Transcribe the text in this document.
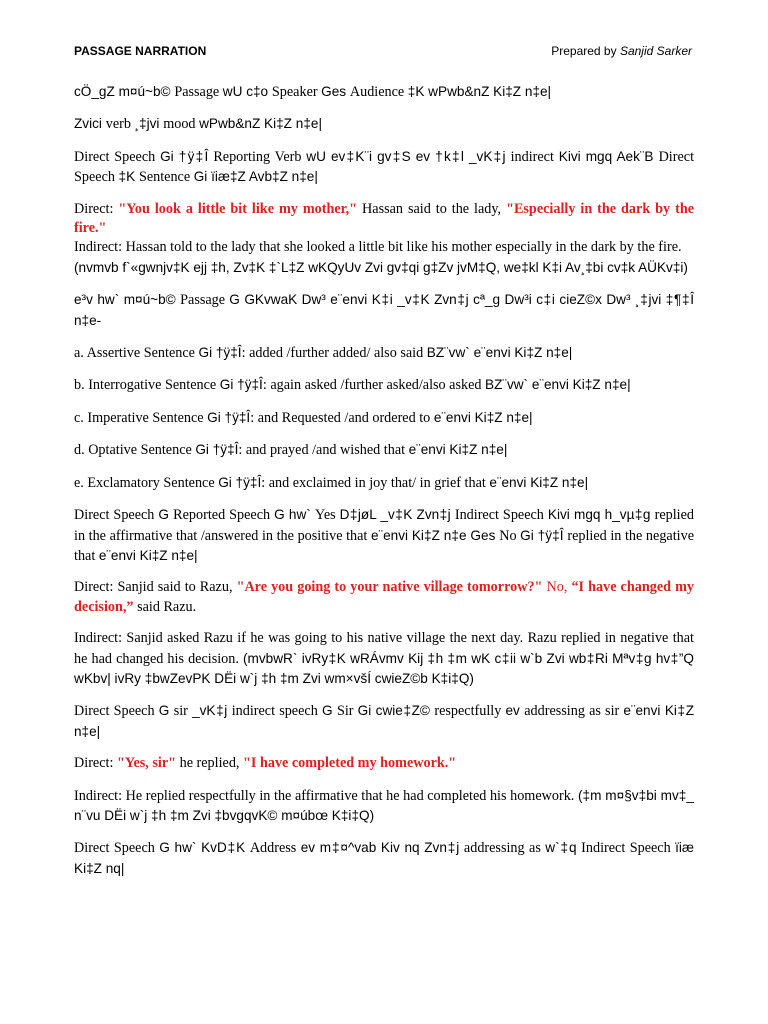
PASSAGE NARRATION	Prepared by Sanjid Sarker

cÖ_gZ m¤ú~b© Passage wU c‡o Speaker Ges Audience ‡K wPwb&nZ Ki‡Z n‡e|

Zvici verb ¸‡jvi mood wPwb&nZ Ki‡Z n‡e|

Direct Speech Gi †ÿ‡Î Reporting Verb wU ev‡K¨i gv‡S ev †k‡l _vK‡j indirect Kivi mgq Aek¨B Direct Speech ‡K Sentence Gi ïiæ‡Z Avb‡Z n‡e|

Direct: "You look a little bit like my mother," Hassan said to the lady, "Especially in the dark by the fire."

Indirect: Hassan told to the lady that she looked a little bit like his mother especially in the dark by the fire.

(nvmvb f`«gwnjv‡K ejj ‡h, Zv‡K ‡`L‡Z wKQyUv Zvi gv‡qi g‡Zv jvM‡Q, we‡kl K‡i Av¸‡bi cv‡k AÜKv‡i)

e³v hw` m¤ú~b© Passage G GKvwaK Dw³ e¨envi K‡i _v‡K Zvn‡j cª_g Dw³i c‡i cieZ©x Dw³ ¸‡jvi ‡¶‡Î n‡e-

a. Assertive Sentence Gi †ÿ‡Î: added /further added/ also said BZ¨vw` e¨envi Ki‡Z n‡e|

b. Interrogative Sentence Gi †ÿ‡Î: again asked /further asked/also asked BZ¨vw` e¨envi Ki‡Z n‡e|

c. Imperative Sentence Gi †ÿ‡Î: and Requested /and ordered to e¨envi Ki‡Z n‡e|

d. Optative Sentence Gi †ÿ‡Î: and prayed /and wished that e¨envi Ki‡Z n‡e|

e. Exclamatory Sentence Gi †ÿ‡Î: and exclaimed in joy that/ in grief that e¨envi Ki‡Z n‡e|

Direct Speech G Reported Speech G hw` Yes D‡jøL _v‡K Zvn‡j Indirect Speech Kivi mgq h_vµ‡g replied in the affirmative that /answered in the positive that e¨envi Ki‡Z n‡e Ges No Gi †ÿ‡Î replied in the negative that e¨envi Ki‡Z n‡e|

Direct: Sanjid said to Razu, "Are you going to your native village tomorrow?" No, “I have changed my decision,” said Razu.

Indirect: Sanjid asked Razu if he was going to his native village the next day. Razu replied in negative that he had changed his decision. (mvbwR` ivRy‡K wRÁvmv Kij ‡h ‡m wK c‡ii w`b Zvi wb‡Ri Mªv‡g hv‡”Q wKbv| ivRy ‡bwZevPK DËi w`j ‡h ‡m Zvi wm×všÍ cwieZ©b K‡i‡Q)

Direct Speech G sir _vK‡j indirect speech G Sir Gi cwie‡Z© respectfully ev addressing as sir e¨envi Ki‡Z n‡e|

Direct: "Yes, sir" he replied, "I have completed my homework."

Indirect: He replied respectfully in the affirmative that he had completed his homework. (‡m m¤§v‡bi mv‡_ n¨vu DËi w`j ‡h ‡m Zvi ‡bvgqvK© m¤úbœ K‡i‡Q)

Direct Speech G hw` KvD‡K Address ev m‡¤^vab Kiv nq Zvn‡j addressing as w`‡q Indirect Speech ïiæ Ki‡Z nq|
